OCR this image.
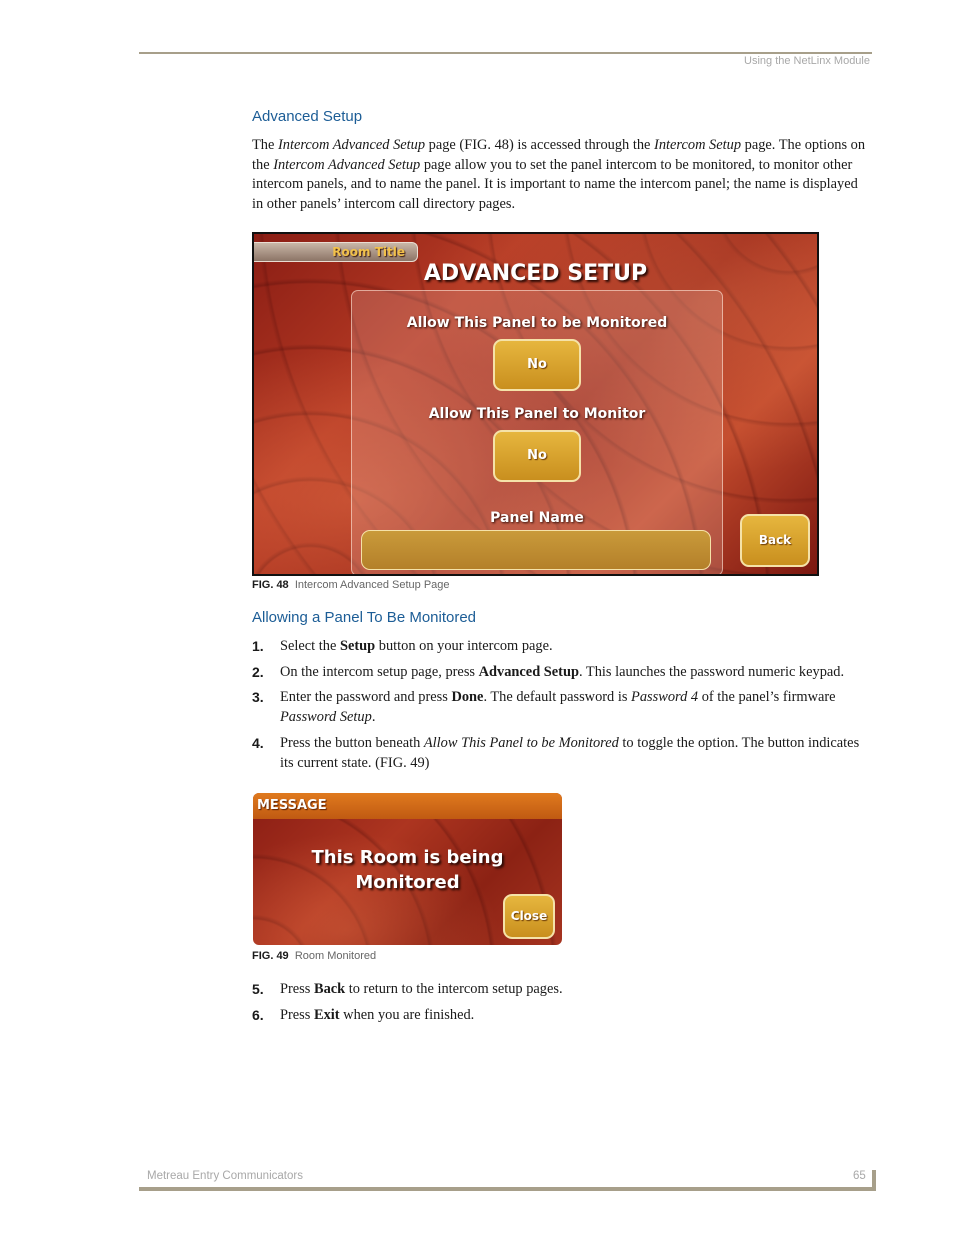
Using the NetLinx Module
Advanced Setup
The Intercom Advanced Setup page (FIG. 48) is accessed through the Intercom Setup page. The options on the Intercom Advanced Setup page allow you to set the panel intercom to be monitored, to monitor other intercom panels, and to name the panel. It is important to name the intercom panel; the name is displayed in other panels’ intercom call directory pages.
Room Title
ADVANCED SETUP
Allow This Panel to be Monitored
No
Allow This Panel to Monitor
No
Panel Name
Back
FIG. 48 Intercom Advanced Setup Page
Allowing a Panel To Be Monitored
1. Select the Setup button on your intercom page.
2. On the intercom setup page, press Advanced Setup. This launches the password numeric keypad.
3. Enter the password and press Done. The default password is Password 4 of the panel’s firmware Password Setup.
4. Press the button beneath Allow This Panel to be Monitored to toggle the option. The button indicates its current state. (FIG. 49)
MESSAGE
This Room is being
Monitored
Close
FIG. 49 Room Monitored
5. Press Back to return to the intercom setup pages.
6. Press Exit when you are finished.
Metreau Entry Communicators	65
